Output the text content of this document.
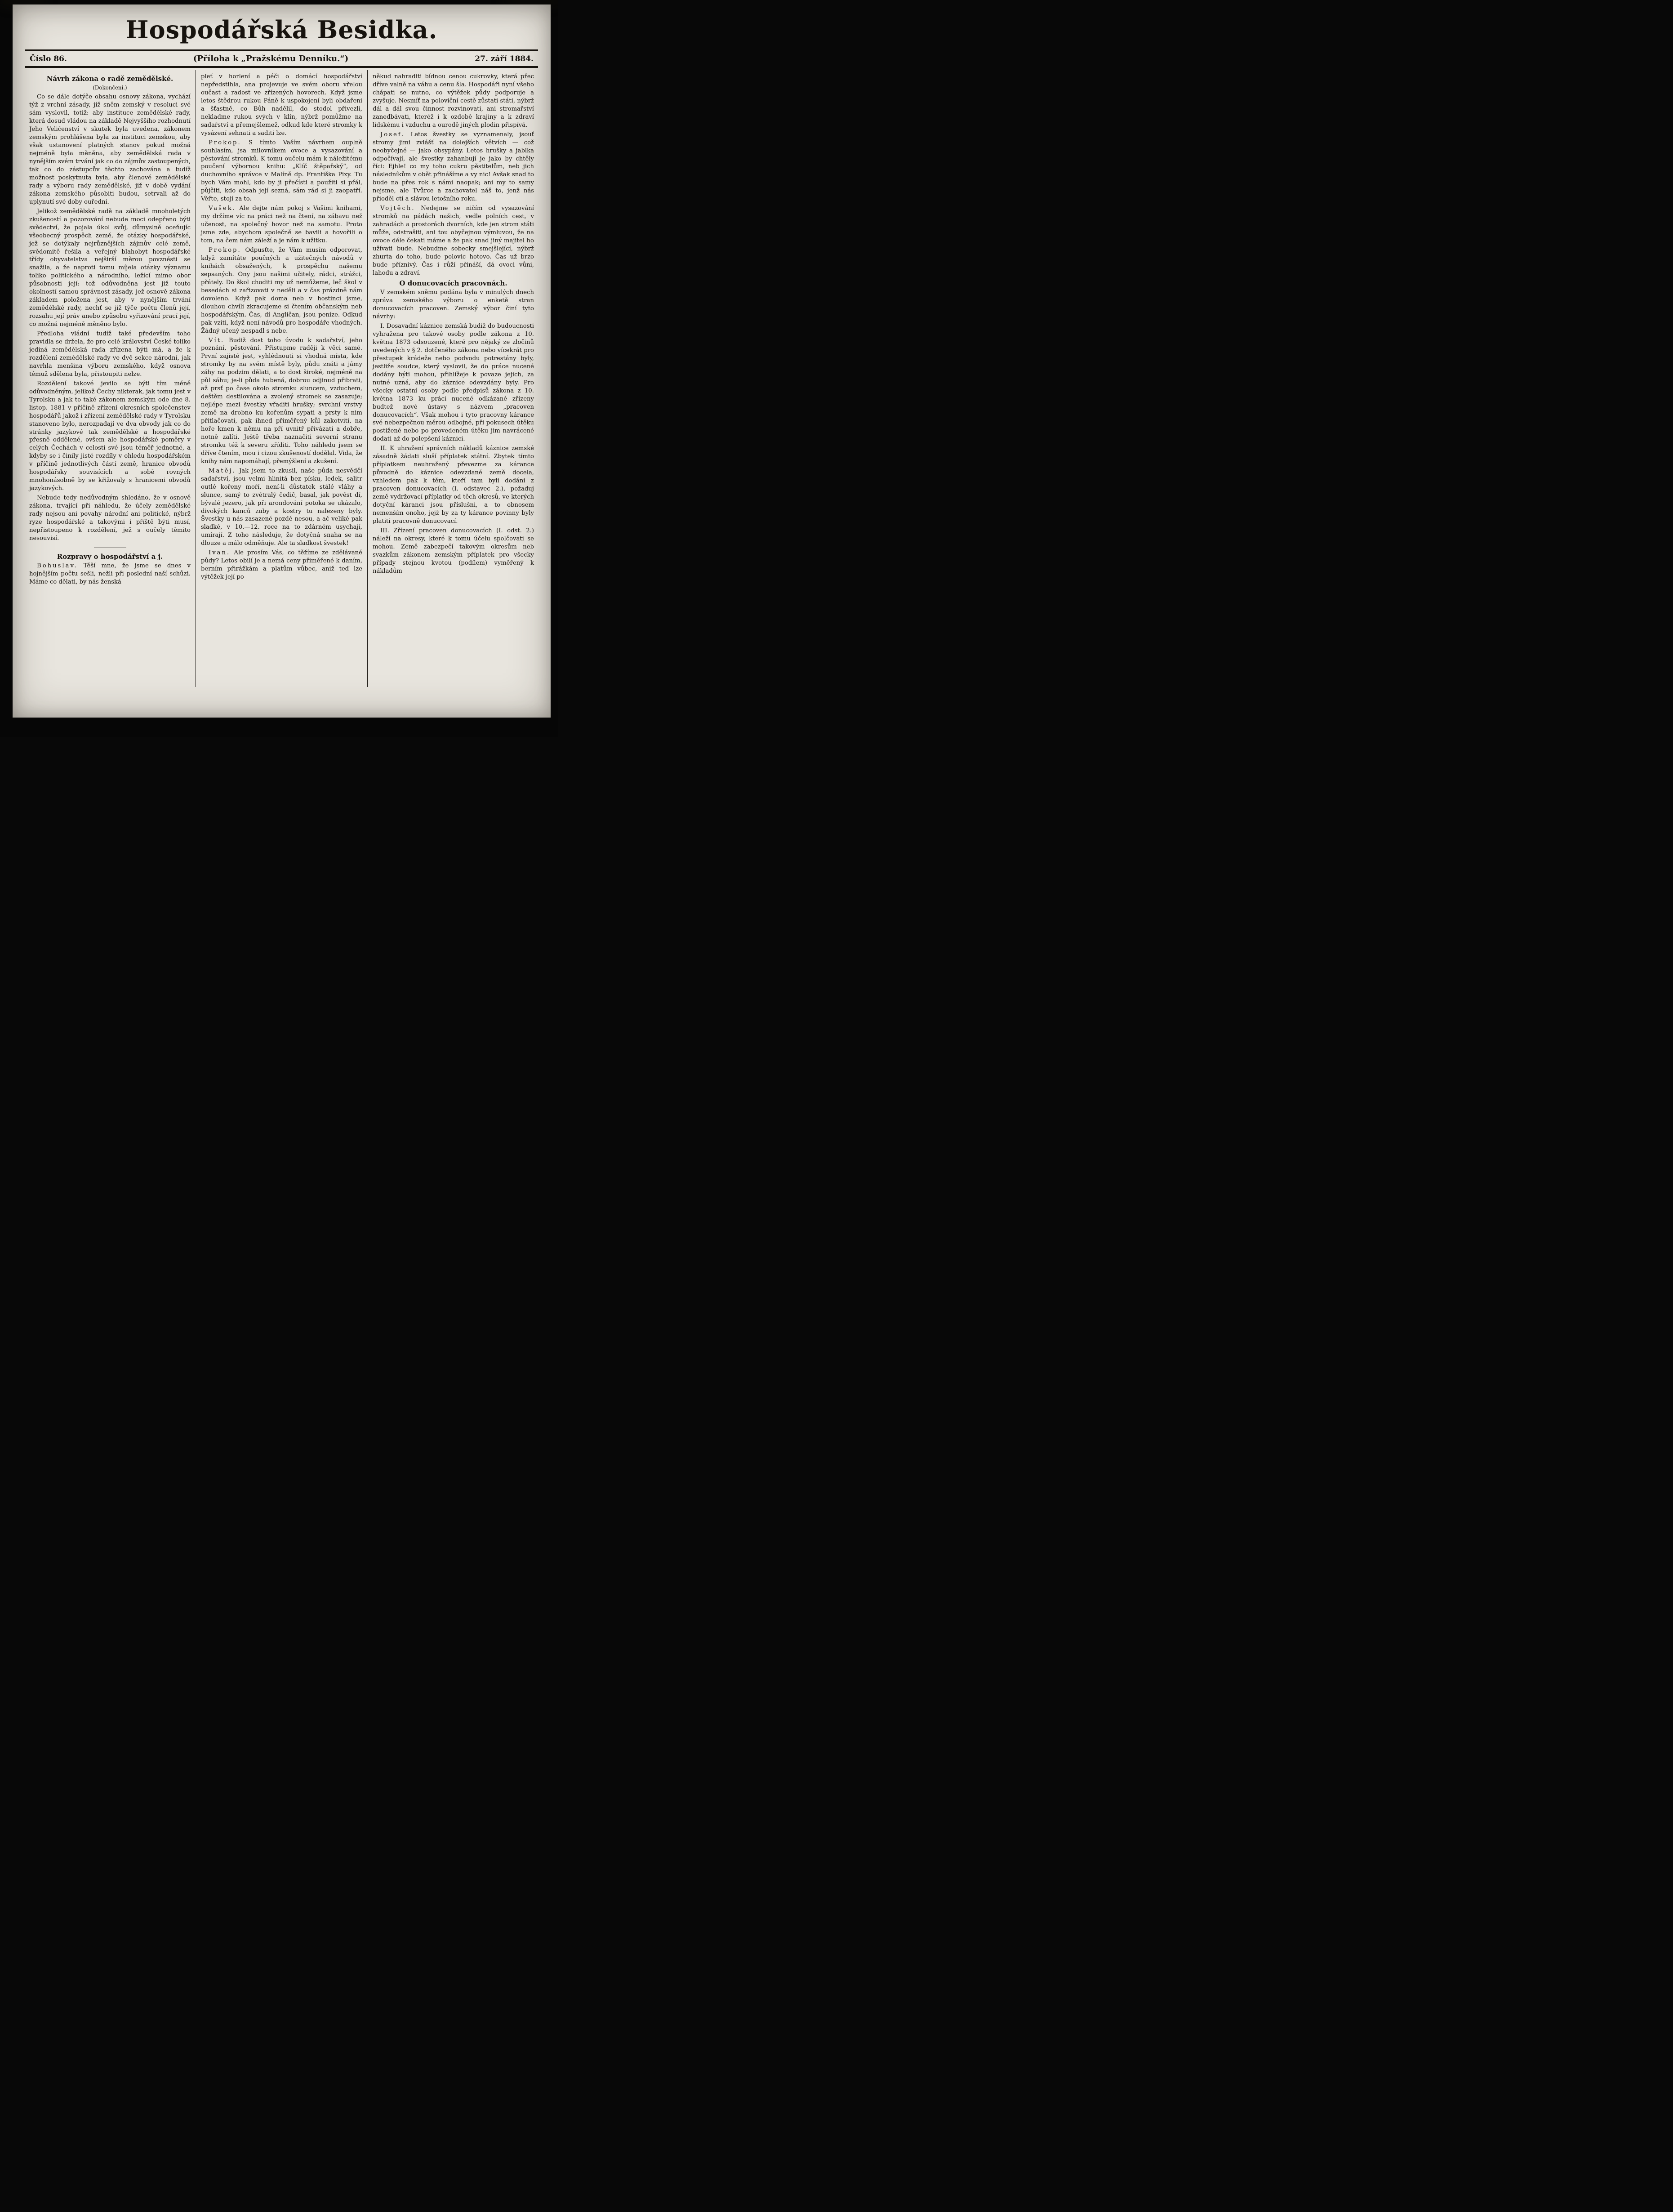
Hospodářská Besidka.
Číslo 86.	(Příloha k „Pražskému Denníku.“)	27. září 1884.
Návrh zákona o radě zemědělské.
(Dokončení.)

Co se dále dotýče obsahu osnovy zákona, vychází týž z vrchní zásady, jíž sněm zemský v resoluci své sám vyslovil, totiž: aby instituce zemědělské rady, která dosud vládou na základě Nejvyššího rozhodnutí Jeho Veličenství v skutek byla uvedena, zákonem zemským prohlášena byla za instituci zemskou, aby však ustanovení platných stanov pokud možná nejméně byla měněna, aby zemědělská rada v nynějším svém trvání jak co do zájmův zastoupených, tak co do zástupcův těchto zachována a tudíž možnost poskytnuta byla, aby členové zemědělské rady a výboru rady zemědělské, již v době vydání zákona zemského působiti budou, setrvali až do uplynutí své doby ouřední.

Jelikož zemědělské radě na základě mnoholetých zkušeností a pozorování nebude moci odepřeno býti svědectví, že pojala úkol svůj, důmyslně oceňujíc všeobecný prospěch země, že otázky hospodářské, jež se dotýkaly nejrůznějších zájmův celé země, svědomitě řešila a veřejný blahobyt hospodářské třídy obyvatelstva nejširší měrou povznésti se snažila, a že naproti tomu míjela otázky významu toliko politického a národního, ležící mimo obor působnosti její: tož odůvodněna jest již touto okolností samou správnost zásady, jež osnově zákona základem položena jest, aby v nynějším trvání zemědělské rady, nechť se již týče počtu členů její, rozsahu její práv anebo způsobu vyřizování prací její, co možná nejméně měněno bylo.

Předloha vládní tudíž také především toho pravidla se držela, že pro celé království České toliko jediná zemědělská rada zřízena býti má, a že k rozdělení zemědělské rady ve dvě sekce národní, jak navrhla menšina výboru zemského, když osnova témuž sdělena byla, přistoupiti nelze.

Rozdělení takové jevilo se býti tím méně odůvodněným, jelikož Čechy nikterak, jak tomu jest v Tyrolsku a jak to také zákonem zemským ode dne 8. listop. 1881 v příčině zřízení okresních společenstev hospodářů jakož i zřízení zemědělské rady v Tyrolsku stanoveno bylo, nerozpadají ve dva obvody jak co do stránky jazykové tak zemědělské a hospodářské přesně oddělené, ovšem ale hospodářské poměry v celých Čechách v celosti své jsou téměř jednotné, a kdyby se i činily jisté rozdíly v ohledu hospodářském v příčině jednotlivých částí země, hranice obvodů hospodářsky souvisících a sobě rovných mnohonásobně by se křižovaly s hranicemi obvodů jazykových.

Nebude tedy nedůvodným shledáno, že v osnově zákona, trvající při náhledu, že účely zemědělské rady nejsou ani povahy národní ani politické, nýbrž ryze hospodářské a takovými i příště býti musí, nepřistoupeno k rozdělení, jež s oučely těmito nesouvisí.

Rozpravy o hospodářství a j.

Bohuslav. Těší mne, že jsme se dnes v hojnějším počtu sešli, nežli při poslední naší schůzi. Máme co dělati, by nás ženská

pleť v horlení a péči o domácí hospodářství nepředstihla, ana projevuje ve svém oboru vřelou oučast a radost ve zřízených hovorech. Když jsme letos štědrou rukou Páně k uspokojení byli obdařeni a šťastně, co Bůh nadělil, do stodol přivezli, nekladme rukou svých v klín, nýbrž pomůžme na sadařství a přemejšlemež, odkud kde které stromky k vysázení sehnati a saditi lze.

Prokop. S tímto Vaším návrhem ouplně souhlasím, jsa milovníkem ovoce a vysazování a pěstování stromků. K tomu oučelu mám k náležitému poučení výbornou knihu: „Klíč štěpařský“, od duchovního správce v Malíně dp. Františka Pixy. Tu bych Vám mohl, kdo by ji přečísti a použiti si přál, půjčiti, kdo obsah její sezná, sám rád si ji zaopatří. Věřte, stojí za to.

Vašek. Ale dejte nám pokoj s Vašimi knihami, my držíme víc na práci než na čtení, na zábavu než učenost, na společný hovor než na samotu. Proto jsme zde, abychom společně se bavili a hovořili o tom, na čem nám záleží a je nám k užitku.

Prokop. Odpusťte, že Vám musím odporovat, když zamítáte poučných a užitečných návodů v knihách obsažených, k prospěchu našemu sepsaných. Ony jsou našimi učitely, rádci, strážci, přátely. Do škol choditi my už nemůžeme, leč škol v besedách si zařizovati v neděli a v čas prázdně nám dovoleno. Když pak doma neb v hostinci jsme, dlouhou chvíli zkracujeme si čtením občanským neb hospodářským. Čas, dí Angličan, jsou peníze. Odkud pak vzíti, když není návodů pro hospodáře vhodných. Žádný učený nespadl s nebe.

Vít. Budiž dost toho úvodu k sadařství, jeho poznání, pěstování. Přistupme raději k věci samé. První zajisté jest, vyhlédnouti si vhodná místa, kde stromky by na svém místě byly, půdu znáti a jámy záhy na podzim dělati, a to dost široké, nejméně na půl sáhu; je-li půda hubená, dobrou odjinud přibrati, až prsť po čase okolo stromku sluncem, vzduchem, deštěm destilována a zvolený stromek se zasazuje; nejlépe mezi švestky vřaditi hrušky; svrchní vrstvy země na drobno ku kořenům sypati a prsty k nim přitlačovati, pak ihned přiměřený kůl zakotviti, na hoře kmen k němu na pří uvnitř přivázati a dobře, notně zalíti. Ještě třeba naznačiti severní stranu stromku též k severu zříditi. Toho náhledu jsem se dříve čtením, mou i cizou zkušeností dodělal. Vida, že knihy nám napomáhají, přemýšlení a zkušení.

Matěj. Jak jsem to zkusil, naše půda nesvědčí sadařství, jsou velmi hlinitá bez písku, ledek, salitr outlé kořeny moří, není-li důstatek stálé vláhy a slunce, samý to zvětralý čedič, basal, jak pověst dí, bývalé jezero, jak při arondování potoka se ukázalo, divokých kanců zuby a kostry tu nalezeny byly. Švestky u nás zasazené pozdě nesou, a ač veliké pak sladké, v 10.—12. roce na to zdárném usychají, umírají. Z toho následuje, že dotyčná snaha se na dlouze a málo odměňuje. Ale ta sladkost švestek!

Ivan. Ale prosím Vás, co těžíme ze zdělávané půdy? Letos obilí je a nemá ceny přiměřené k daním, berním přirážkám a platům vůbec, aniž teď lze výtěžek její po-

někud nahraditi bídnou cenou cukrovky, která přec dříve valně na váhu a cenu šla. Hospodáři nyní všeho chápati se nutno, co výtěžek půdy podporuje a zvyšuje. Nesmíť na poloviční cestě zůstati státi, nýbrž dál a dál svou činnost rozvinovati, ani stromařství zanedbávati, kteréž i k ozdobě krajiny a k zdraví lidskému i vzduchu a ourodě jiných plodin přispívá.

Josef. Letos švestky se vyznamenaly, jsouť stromy jimi zvlášť na dolejších větvích — což neobyčejné — jako obsypány. Letos hrušky a jablka odpočívají, ale švestky zahanbují je jako by chtěly říci: Ejhle! co my toho cukru pěstitelům, neb jich následníkům v obět přinášíme a vy nic! Avšak snad to bude na přes rok s námi naopak; ani my to samy nejsme, ale Tvůrce a zachovatel náš to, jenž nás přioděl ctí a slávou letošního roku.

Vojtěch. Nedejme se ničím od vysazování stromků na pádách našich, vedle polních cest, v zahradách a prostorách dvorních, kde jen strom státi může, odstrašiti, ani tou obyčejnou výmluvou, že na ovoce déle čekati máme a že pak snad jiný majitel ho užívati bude. Nebuďme sobecky smejšlející, nýbrž zhurta do toho, bude polovic hotovo. Čas už brzo bude příznivý. Čas i růží přináší, dá ovoci vůni, lahodu a zdraví.

O donucovacích pracovnách.

V zemském sněmu podána byla v minulých dnech zpráva zemského výboru o enketě stran donucovacích pracoven. Zemský výbor činí tyto návrhy:

I. Dosavadní káznice zemská budiž do budoucnosti vyhražena pro takové osoby podle zákona z 10. května 1873 odsouzené, které pro nějaký ze zločinů uvedených v § 2. dotčeného zákona nebo vícekrát pro přestupek krádeže nebo podvodu potrestány byly, jestliže soudce, který vyslovil, že do práce nucené dodány býti mohou, přihlížeje k povaze jejich, za nutné uzná, aby do káznice odevzdány byly. Pro všecky ostatní osoby podle předpisů zákona z 10. května 1873 ku práci nucené odkázané zřízeny budtež nové ústavy s názvem „pracoven donucovacích“. Však mohou i tyto pracovny kárance své nebezpečnou měrou odbojné, při pokusech útěku postižené nebo po provedeném útěku jim navrácené dodati až do polepšení káznici.

II. K uhražení správních nákladů káznice zemské zásadně žádati sluší příplatek státní. Zbytek tímto příplatkem neuhražený převezme za kárance původně do káznice odevzdané země docela, vzhledem pak k těm, kteří tam byli dodáni z pracoven donucovacích (I. odstavec 2.), požaduj země vydržovací příplatky od těch okresů, ve kterých dotyční káranci jsou příslušni, a to obnosem nemenším onoho, jejž by za ty kárance povinny byly platiti pracovně donucovací.

III. Zřízení pracoven donucovacích (I. odst. 2.) náleží na okresy, které k tomu účelu spolčovati se mohou. Země zabezpečí takovým okresům neb svazkům zákonem zemským příplatek pro všecky případy stejnou kvotou (podílem) vyměřený k nákladům
